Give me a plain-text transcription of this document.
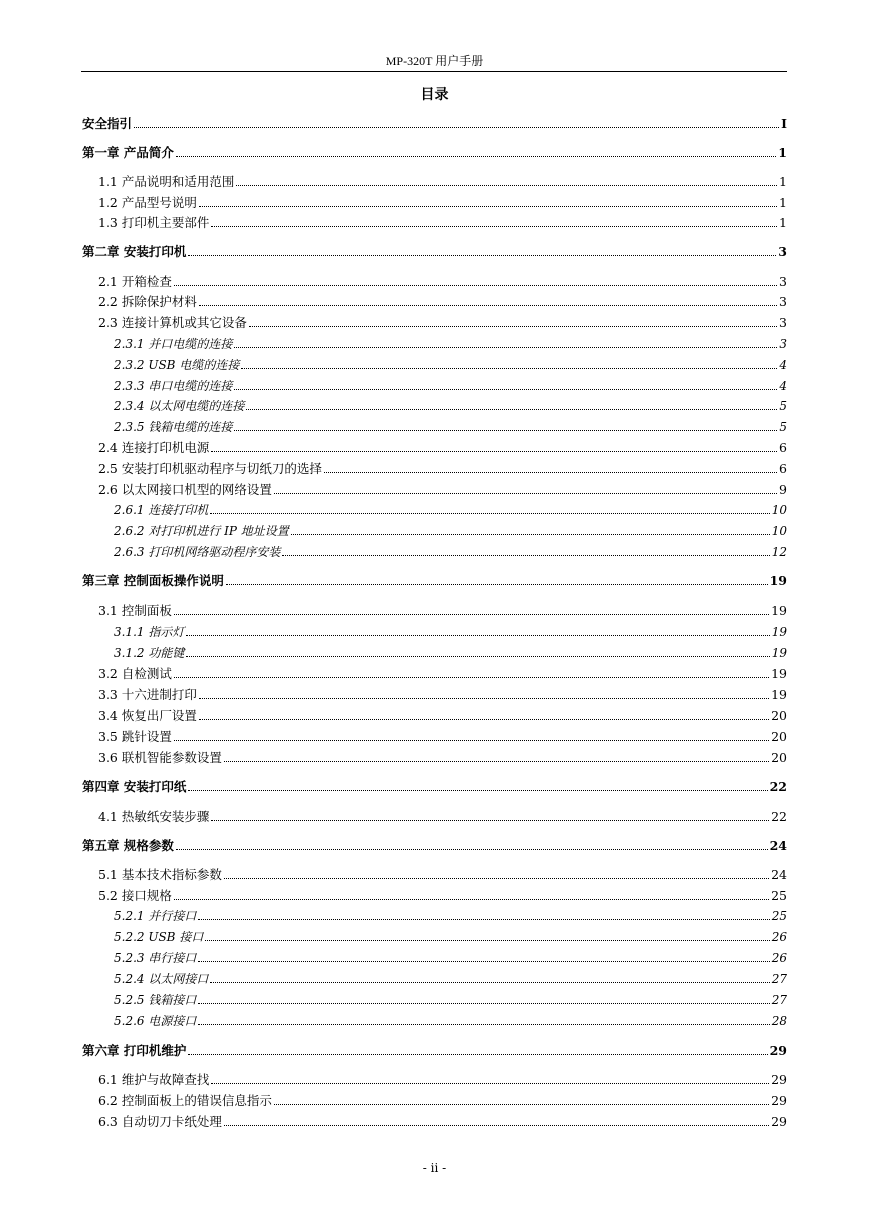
MP-320T 用户手册
目录
安全指引	I
第一章 产品简介	1
1.1 产品说明和适用范围	1
1.2 产品型号说明	1
1.3 打印机主要部件	1
第二章 安装打印机	3
2.1 开箱检查	3
2.2 拆除保护材料	3
2.3 连接计算机或其它设备	3
2.3.1 并口电缆的连接	3
2.3.2 USB 电缆的连接	4
2.3.3 串口电缆的连接	4
2.3.4 以太网电缆的连接	5
2.3.5 钱箱电缆的连接	5
2.4 连接打印机电源	6
2.5 安装打印机驱动程序与切纸刀的选择	6
2.6 以太网接口机型的网络设置	9
2.6.1 连接打印机	10
2.6.2 对打印机进行 IP 地址设置	10
2.6.3 打印机网络驱动程序安装	12
第三章 控制面板操作说明	19
3.1 控制面板	19
3.1.1 指示灯	19
3.1.2 功能键	19
3.2 自检测试	19
3.3 十六进制打印	19
3.4 恢复出厂设置	20
3.5 跳针设置	20
3.6 联机智能参数设置	20
第四章 安装打印纸	22
4.1 热敏纸安装步骤	22
第五章 规格参数	24
5.1 基本技术指标参数	24
5.2 接口规格	25
5.2.1 并行接口	25
5.2.2 USB 接口	26
5.2.3 串行接口	26
5.2.4 以太网接口	27
5.2.5 钱箱接口	27
5.2.6 电源接口	28
第六章 打印机维护	29
6.1 维护与故障查找	29
6.2 控制面板上的错误信息指示	29
6.3 自动切刀卡纸处理	29
- ii -
